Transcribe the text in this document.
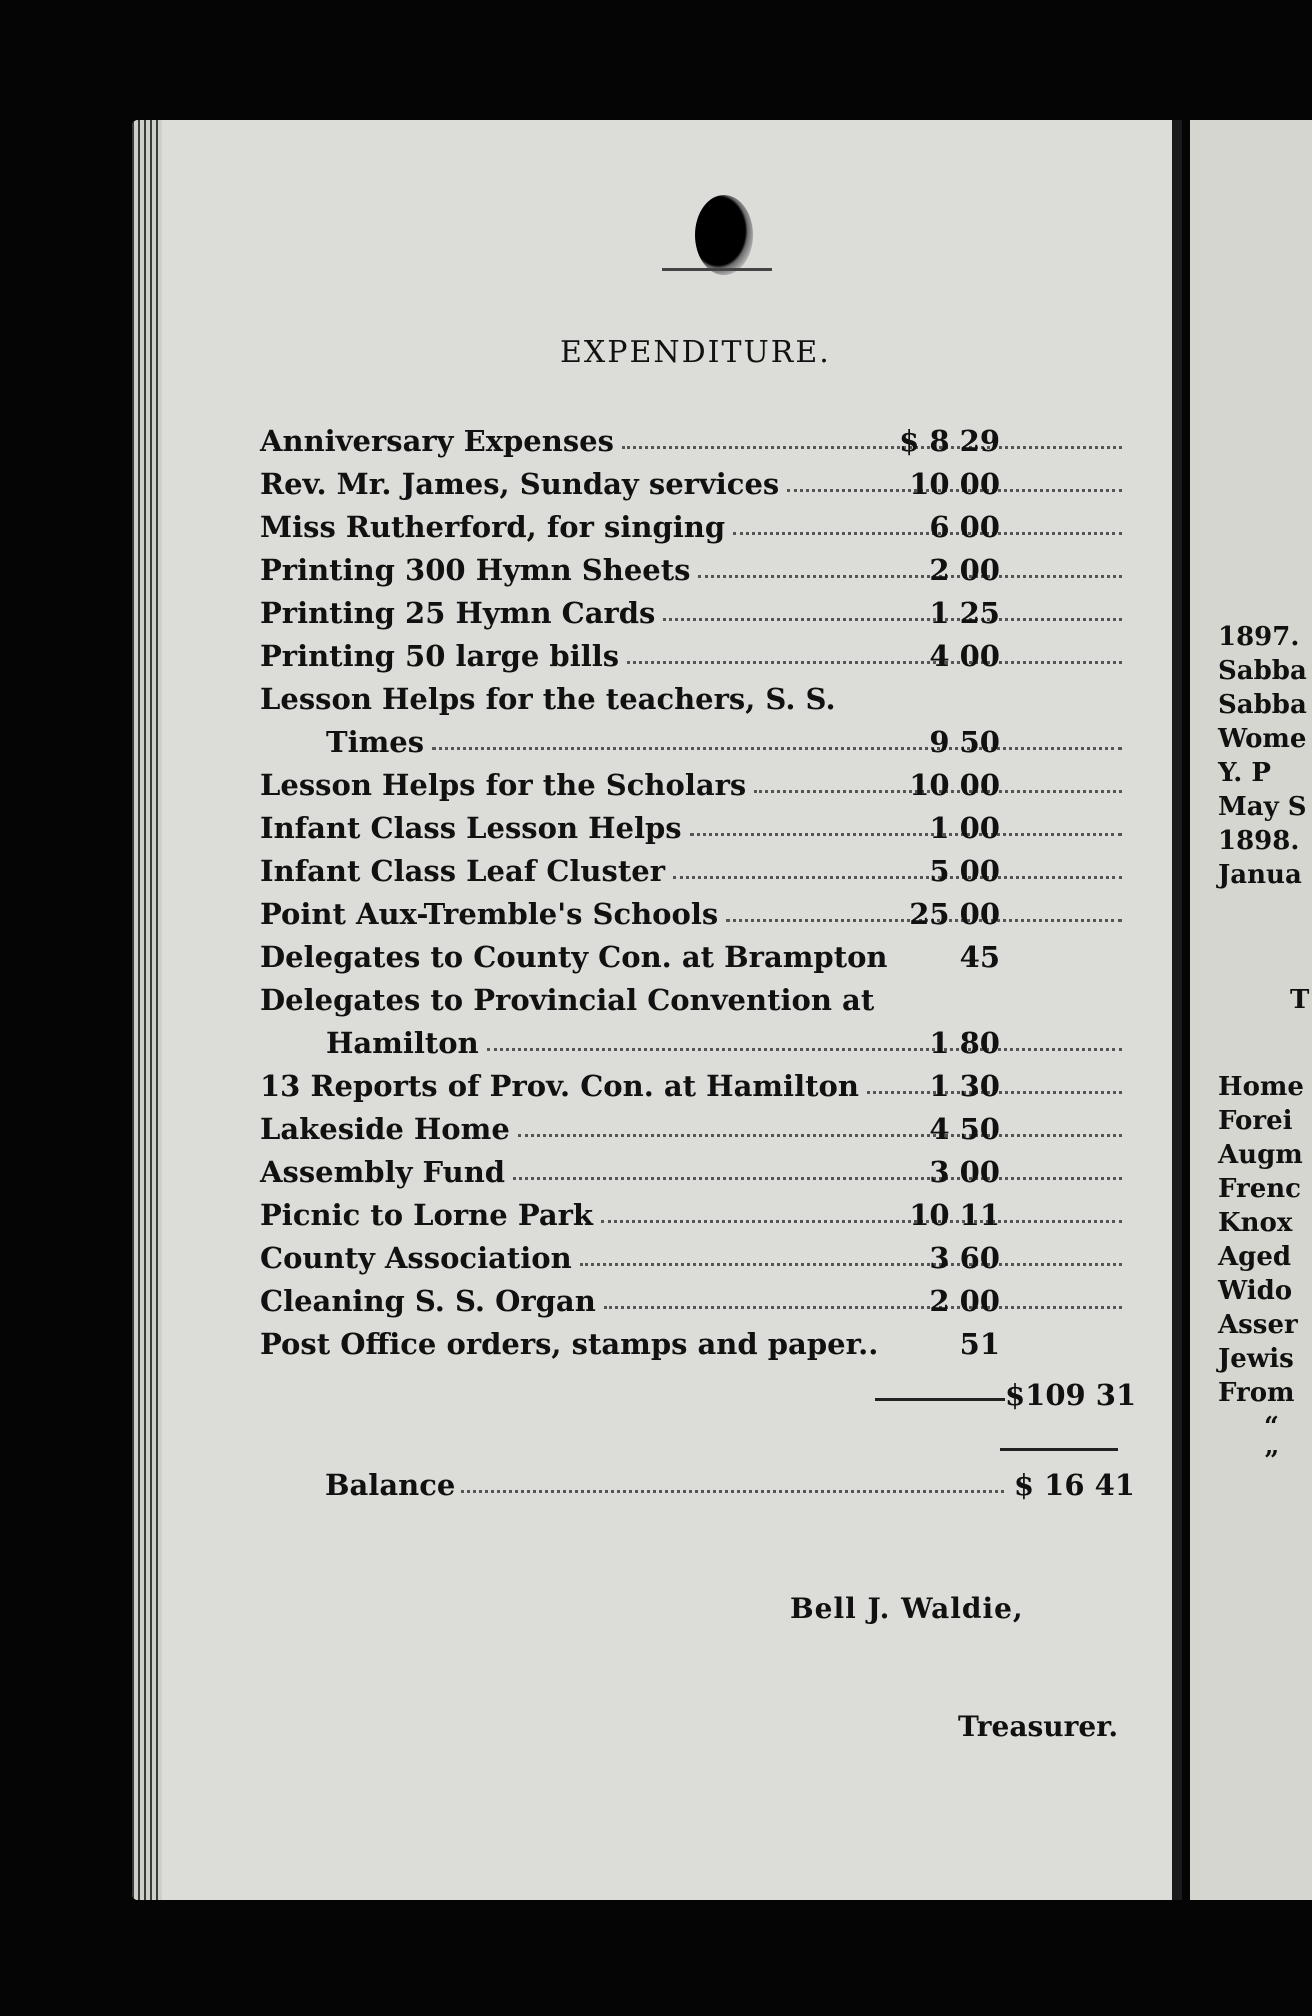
EXPENDITURE.
Anniversary Expenses	$ 8 29
Rev. Mr. James, Sunday services	10 00
Miss Rutherford, for singing	6 00
Printing 300 Hymn Sheets	2 00
Printing 25 Hymn Cards	1 25
Printing 50 large bills	4 00
Lesson Helps for the teachers, S. S.
Times	9 50
Lesson Helps for the Scholars	10 00
Infant Class Lesson Helps	1 00
Infant Class Leaf Cluster	5 00
Point Aux-Tremble's Schools	25 00
Delegates to County Con. at Brampton	45
Delegates to Provincial Convention at
Hamilton	1 80
13 Reports of Prov. Con. at Hamilton	1 30
Lakeside Home	4 50
Assembly Fund	3 00
Picnic to Lorne Park	10 11
County Association	3 60
Cleaning S. S. Organ	2 00
Post Office orders, stamps and paper..	51
$109 31
Balance	$ 16 41
Bell J. Waldie,
Treasurer.
1897.
Sabba
Sabba
Wome
Y. P
May S
1898.
Janua
T
Home
Forei
Augm
Frenc
Knox
Aged
Wido
Asser
Jewis
From
“
”
